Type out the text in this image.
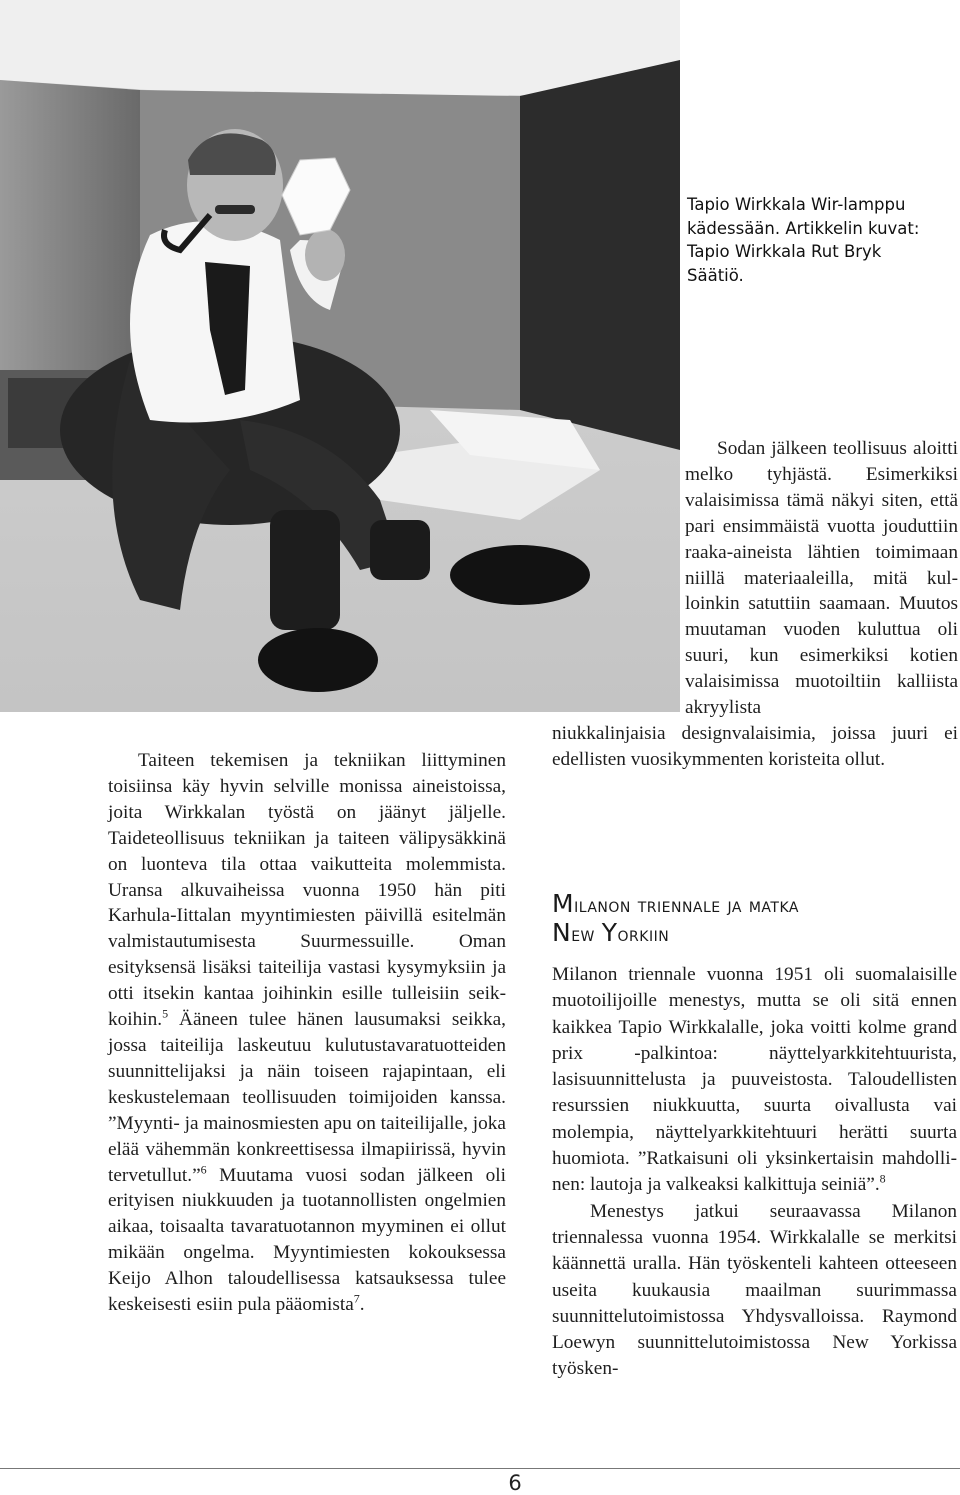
Tapio Wirkkala Wir-lamppu
kädessään. Artikkelin kuvat:
Tapio Wirkkala Rut Bryk
Säätiö.

Taiteen tekemisen ja tekniikan liittyminen toisiinsa käy hyvin selville monissa aineistoissa, joita Wirkkalan työstä on jäänyt jäljelle. Taideteollisuus tekniikan ja taiteen välipysäkkinä on luonteva tila ottaa vaikutteita molemmista. Uransa alkuvaiheissa vuonna 1950 hän piti Karhula-Iittalan myyntimiesten päivillä esitelmän valmistautumisesta Suurmessuille. Oman esityksensä lisäksi taiteilija vastasi kysymyksiin ja otti itsekin kantaa joihinkin esille tulleisiin seikkoihin.$^5$ Ääneen tulee hänen lausumaksi seikka, jossa taiteilija laskeutuu kulutustavaratuotteiden suunnittelijaksi ja näin toiseen rajapintaan, eli keskustelemaan teollisuuden toimijoiden kanssa. ”Myynti- ja mainosmiesten apu on taiteilijalle, joka elää vähemmän konkreettisessa ilmapiirissä, hyvin tervetullut.”$^6$ Muutama vuosi sodan jälkeen oli erityisen niukkuuden ja tuotannollisten ongelmien aikaa, toisaalta tavaratuotannon myyminen ei ollut mikään ongelma. Myyntimiesten kokouksessa Keijo Alhon taloudellisessa katsauksessa tulee keskeisesti esiin pula pääomista$^7$.

Sodan jälkeen teollisuus aloitti melko tyhjästä. Esimerkiksi valaisimissa tämä näkyi siten, että pari ensimmäistä vuotta jouduttiin raaka-aineista lähtien toimimaan niillä materiaaleilla, mitä kulloinkin satuttiin saamaan. Muutos muutaman vuoden kuluttua oli suuri, kun esimerkiksi kotien valaisimissa muotoiltiin kalliista akryylista

niukkalinjaisia designvalaisimia, joissa juuri ei edellisten vuosikymmenten koristeita ollut.

Milanon triennale ja matka
New Yorkiin

Milanon triennale vuonna 1951 oli suomalaisille muotoilijoille menestys, mutta se oli sitä ennen kaikkea Tapio Wirkkalalle, joka voitti kolme grand prix -palkintoa: näyttelyarkkitehtuurista, lasisuunnittelusta ja puuveistosta. Taloudellisten resurssien niukkuutta, suurta oivallusta vai molempia, näyttelyarkkitehtuuri herätti suurta huomiota. ”Ratkaisuni oli yksinkertaisin mahdollinen: lautoja ja valkeaksi kalkittuja seiniä”.$^8$

Menestys jatkui seuraavassa Milanon triennalessa vuonna 1954. Wirkkalalle se merkitsi käännettä uralla. Hän työskenteli kahteen otteeseen useita kuukausia maailman suurimmassa suunnittelutoimistossa Yhdysvalloissa. Raymond Loewyn suunnittelutoimistossa New Yorkissa työsken-

6
